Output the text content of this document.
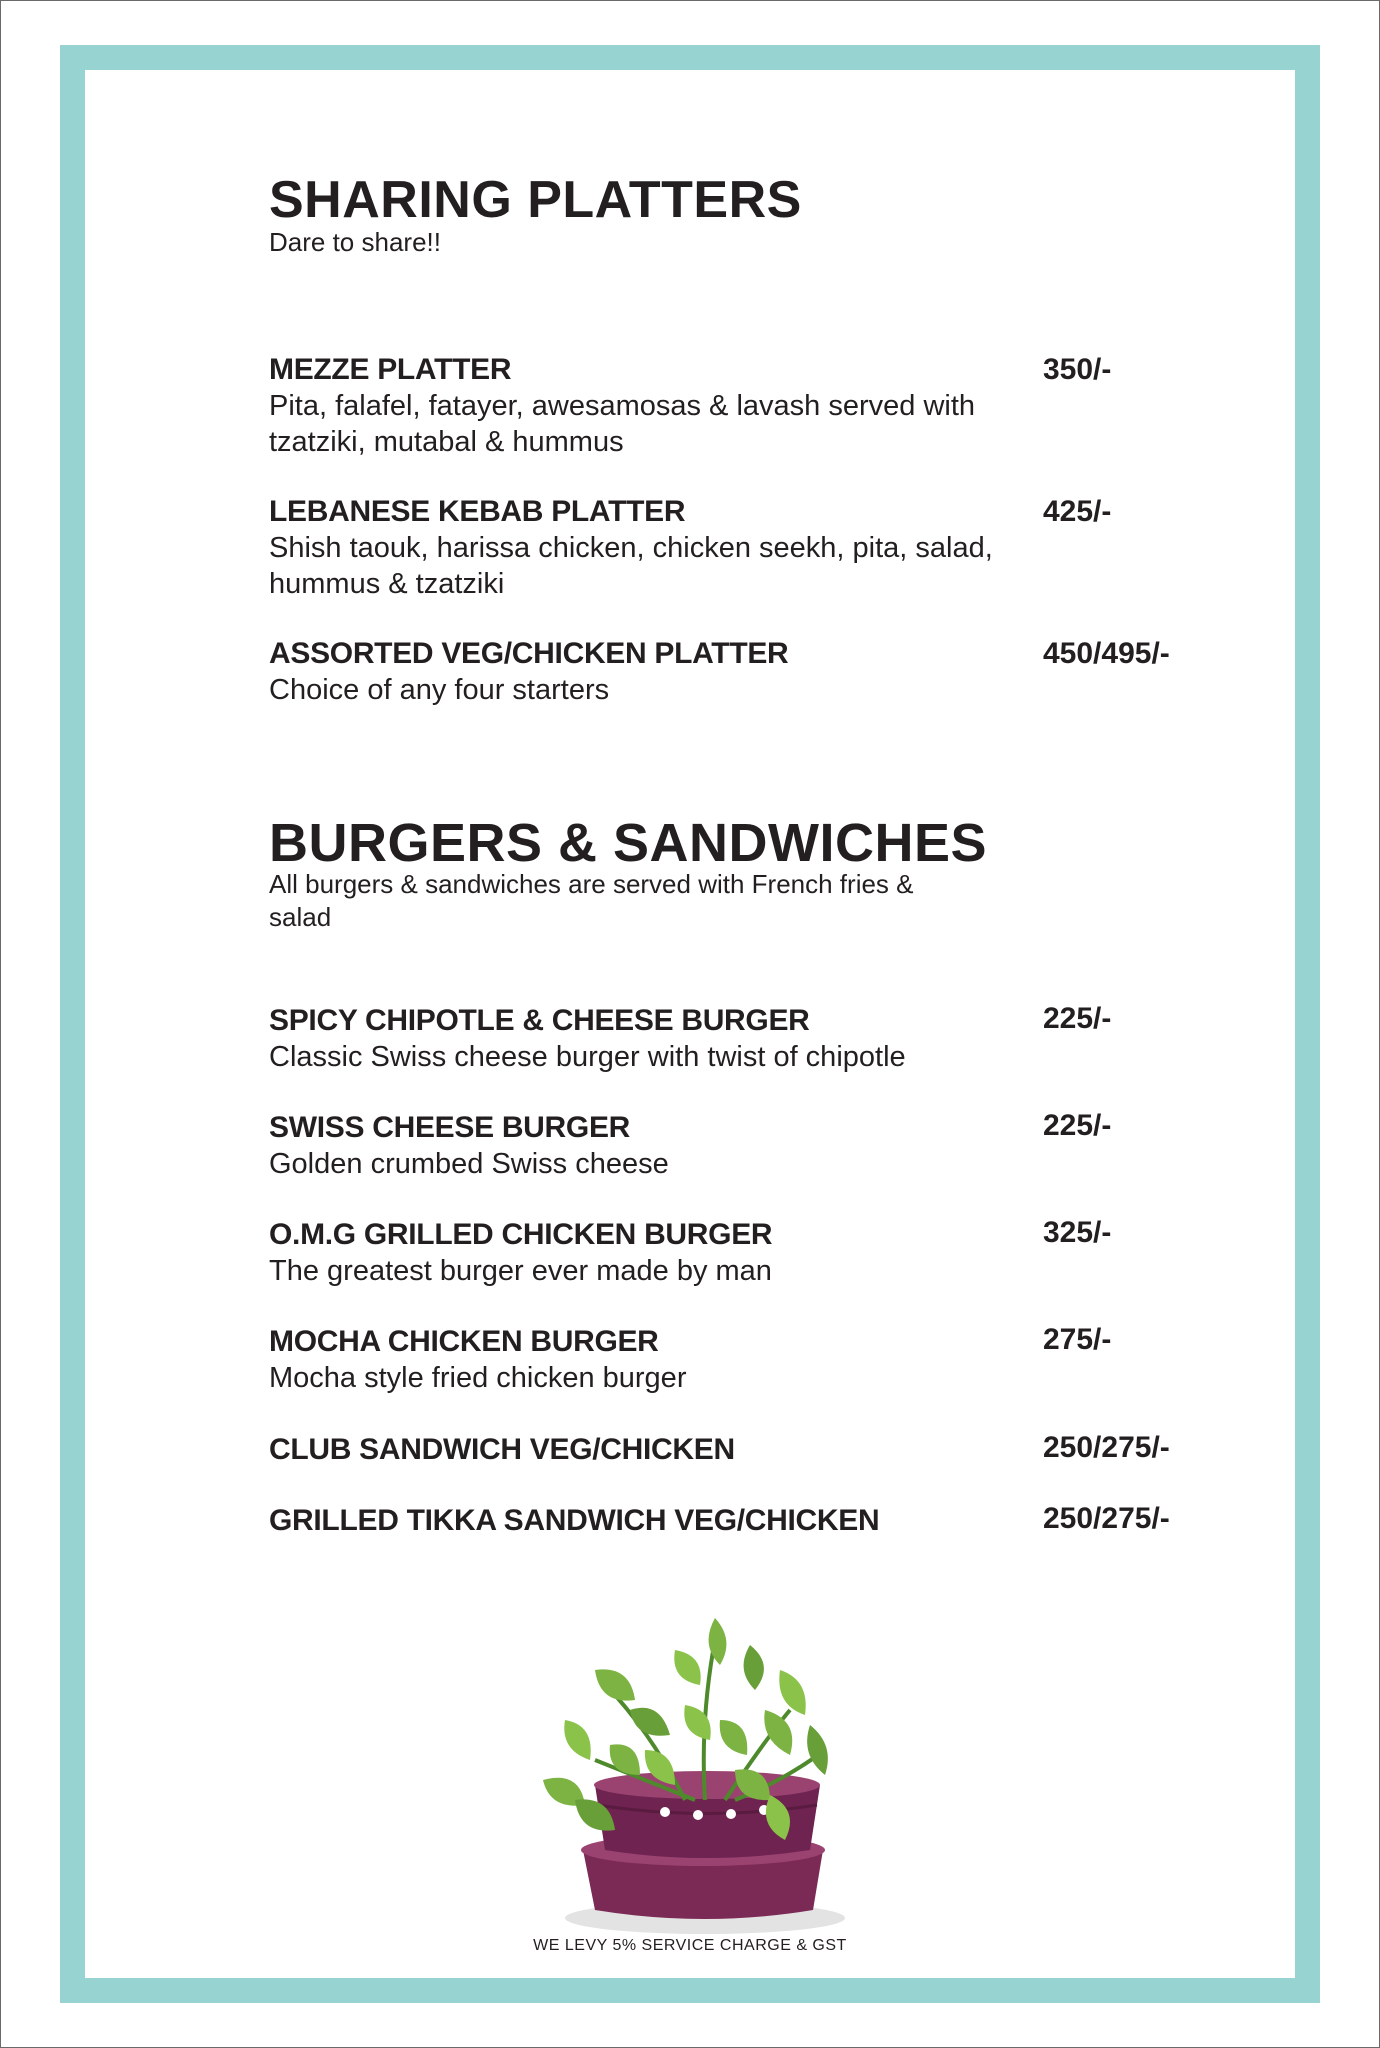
SHARING PLATTERS
Dare to share!!
MEZZE PLATTER	350/-
Pita, falafel, fatayer, awesamosas & lavash served with tzatziki, mutabal & hummus
LEBANESE KEBAB PLATTER	425/-
Shish taouk, harissa chicken, chicken seekh, pita, salad, hummus & tzatziki
ASSORTED VEG/CHICKEN PLATTER	450/495/-
Choice of any four starters
BURGERS & SANDWICHES
All burgers & sandwiches are served with French fries & salad
SPICY CHIPOTLE & CHEESE BURGER	225/-
Classic Swiss cheese burger with twist of chipotle
SWISS CHEESE BURGER	225/-
Golden crumbed Swiss cheese
O.M.G GRILLED CHICKEN BURGER	325/-
The greatest burger ever made by man
MOCHA CHICKEN BURGER	275/-
Mocha style fried chicken burger
CLUB SANDWICH VEG/CHICKEN	250/275/-
GRILLED TIKKA SANDWICH VEG/CHICKEN	250/275/-
WE LEVY 5% SERVICE CHARGE & GST
